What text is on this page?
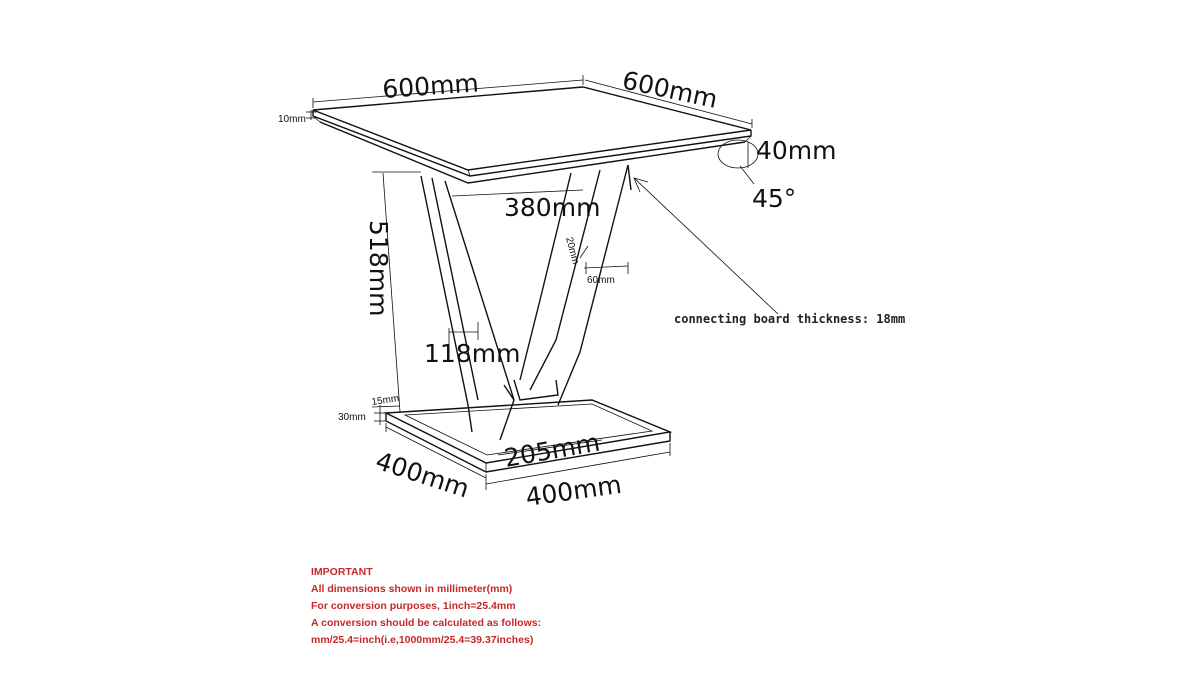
600mm	600mm
10mm
40mm
45°
380mm
518mm	20mm
60mm
118mm
connecting board thickness: 18mm
15mm
30mm
205mm
400mm 400mm
IMPORTANT
All dimensions shown in millimeter(mm)
For conversion purposes, 1inch=25.4mm
A conversion should be calculated as follows:
mm/25.4=inch(i.e,1000mm/25.4=39.37inches)
